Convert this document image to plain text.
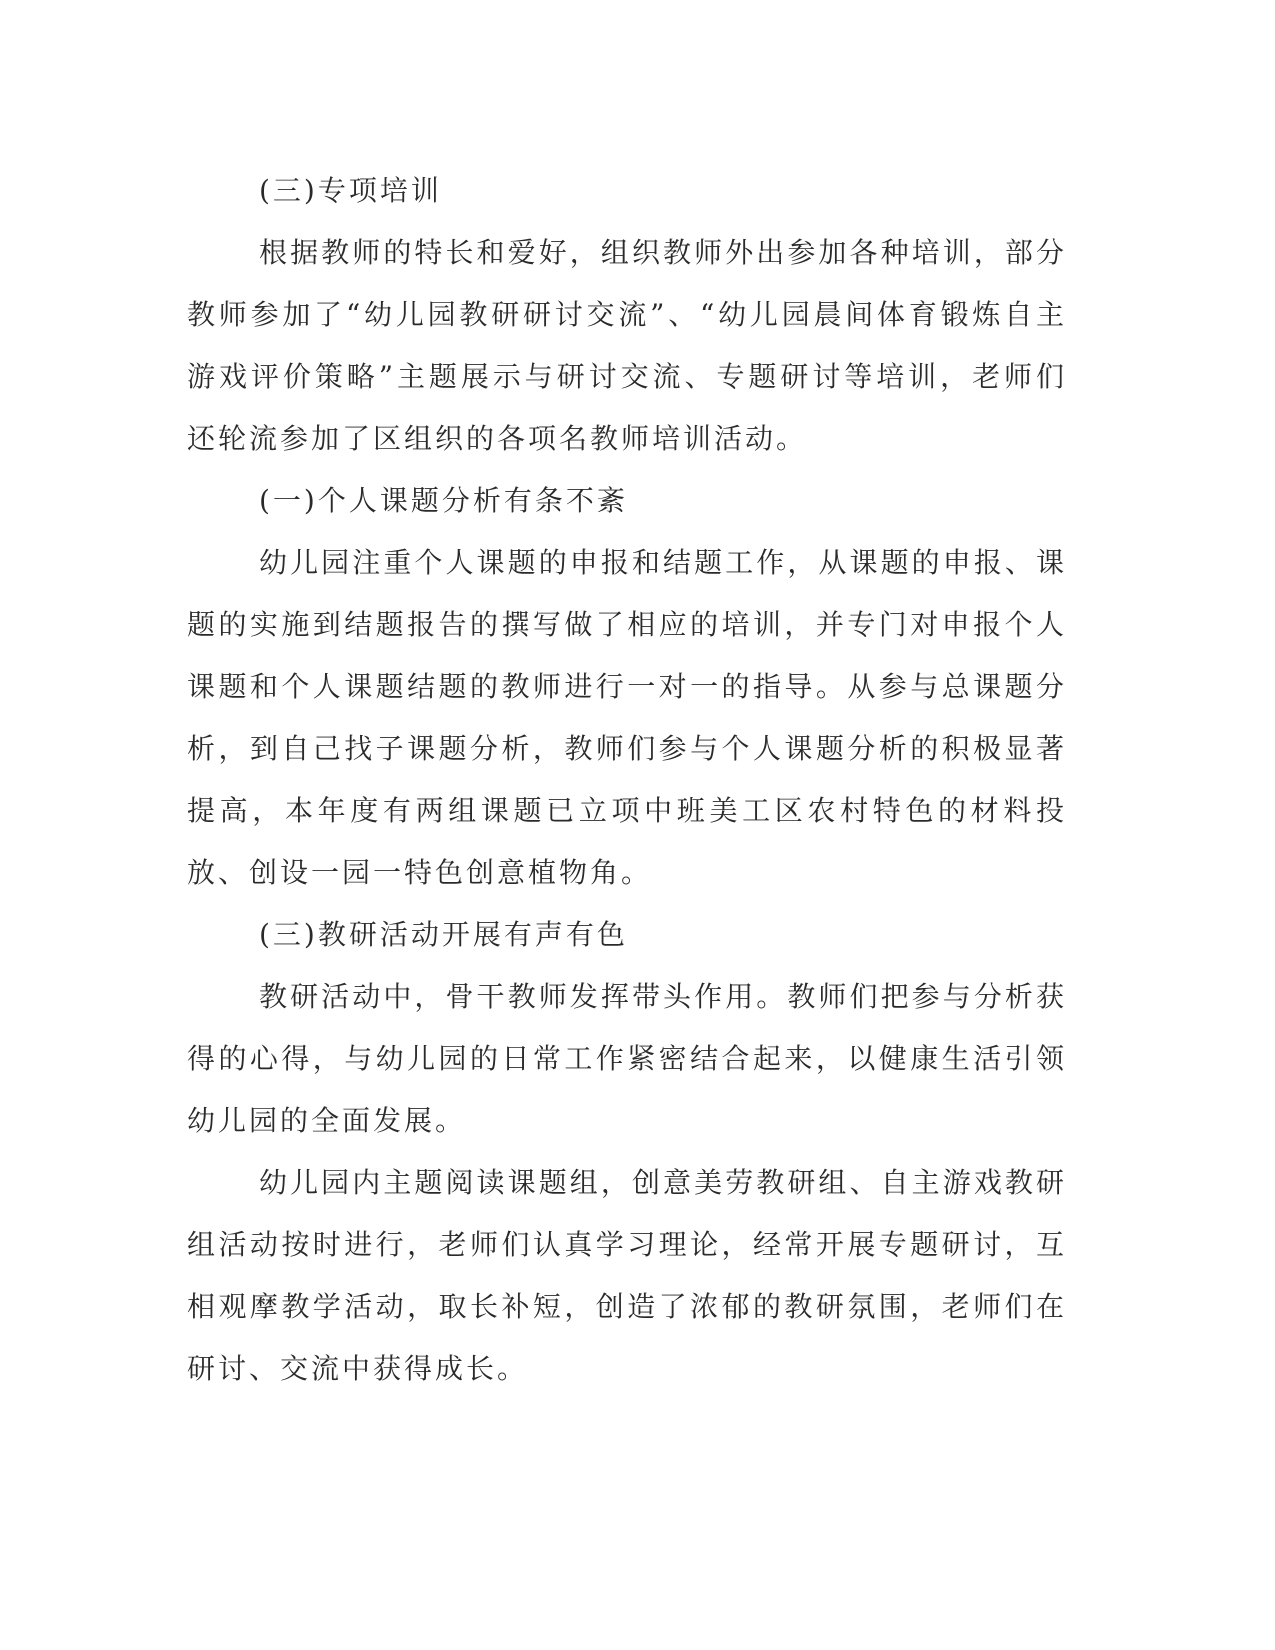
(三)专项培训

根据教师的特长和爱好，组织教师外出参加各种培训，部分教师参加了“幼儿园教研研讨交流”、“幼儿园晨间体育锻炼自主游戏评价策略”主题展示与研讨交流、专题研讨等培训，老师们还轮流参加了区组织的各项名教师培训活动。

(一)个人课题分析有条不紊

幼儿园注重个人课题的申报和结题工作，从课题的申报、课题的实施到结题报告的撰写做了相应的培训，并专门对申报个人课题和个人课题结题的教师进行一对一的指导。从参与总课题分析，到自己找子课题分析，教师们参与个人课题分析的积极显著提高，本年度有两组课题已立项中班美工区农村特色的材料投放、创设一园一特色创意植物角。

(三)教研活动开展有声有色

教研活动中，骨干教师发挥带头作用。教师们把参与分析获得的心得，与幼儿园的日常工作紧密结合起来，以健康生活引领幼儿园的全面发展。

幼儿园内主题阅读课题组，创意美劳教研组、自主游戏教研组活动按时进行，老师们认真学习理论，经常开展专题研讨，互相观摩教学活动，取长补短，创造了浓郁的教研氛围，老师们在研讨、交流中获得成长。
